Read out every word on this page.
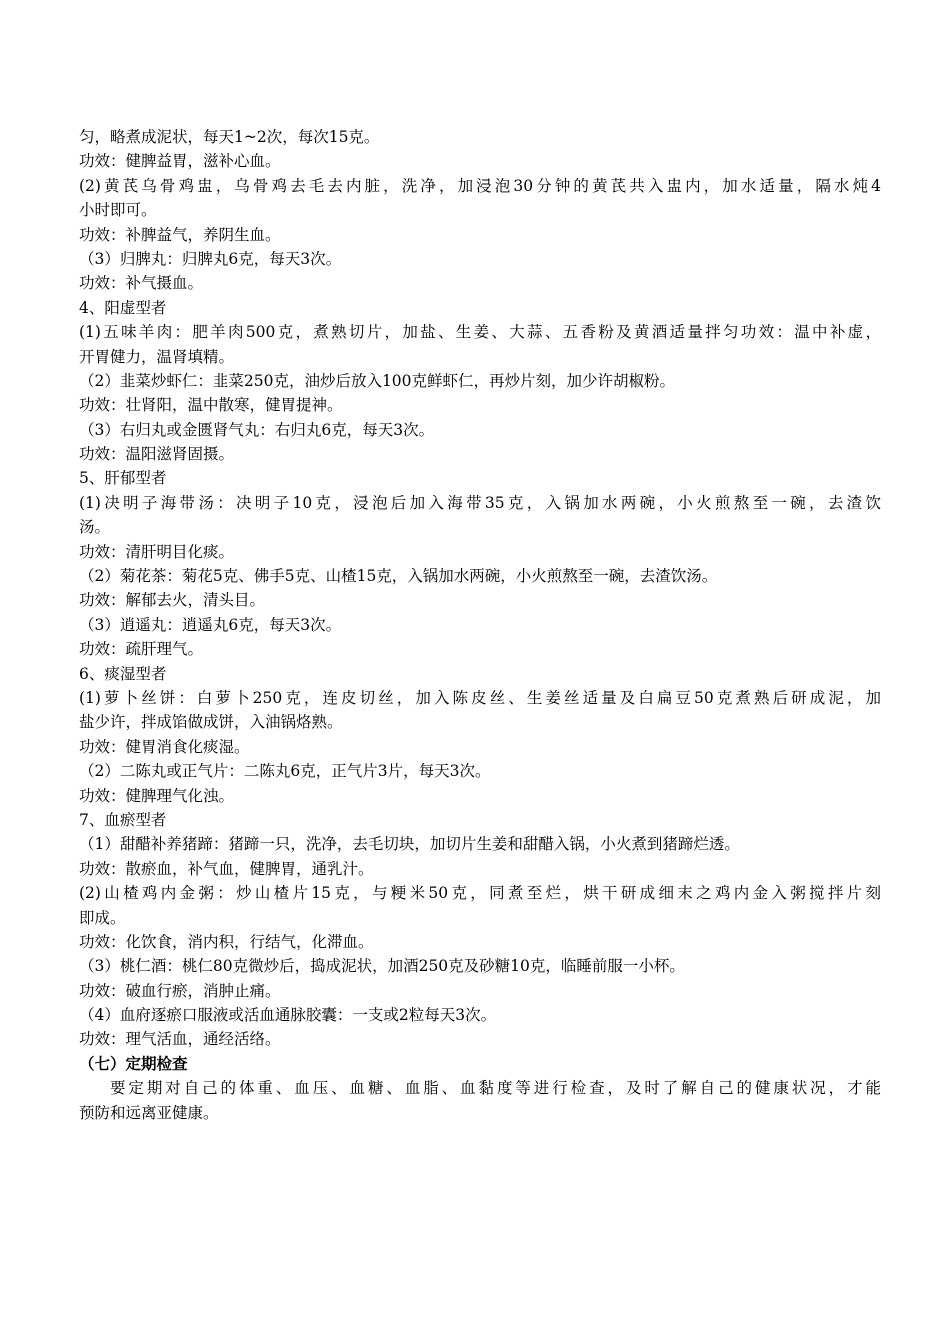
匀，略煮成泥状，每天1~2次，每次15克。
功效：健脾益胃，滋补心血。
(2)黄芪乌骨鸡盅，乌骨鸡去毛去内脏，洗净，加浸泡30分钟的黄芪共入盅内，加水适量，隔水炖4
小时即可。
功效：补脾益气，养阴生血。
（3）归脾丸：归脾丸6克，每天3次。
功效：补气摄血。
4、阳虚型者
(1)五味羊肉：肥羊肉500克，煮熟切片，加盐、生姜、大蒜、五香粉及黄酒适量拌匀功效：温中补虚，
开胃健力，温肾填精。
（2）韭菜炒虾仁：韭菜250克，油炒后放入100克鲜虾仁，再炒片刻，加少许胡椒粉。
功效：壮肾阳，温中散寒，健胃提神。
（3）右归丸或金匮肾气丸：右归丸6克，每天3次。
功效：温阳滋肾固摄。
5、肝郁型者
(1)决明子海带汤：决明子10克，浸泡后加入海带35克，入锅加水两碗，小火煎熬至一碗，去渣饮
汤。
功效：清肝明目化痰。
（2）菊花茶：菊花5克、佛手5克、山楂15克，入锅加水两碗，小火煎熬至一碗，去渣饮汤。
功效：解郁去火，清头目。
（3）逍遥丸：逍遥丸6克，每天3次。
功效：疏肝理气。
6、痰湿型者
(1)萝卜丝饼：白萝卜250克，连皮切丝，加入陈皮丝、生姜丝适量及白扁豆50克煮熟后研成泥，加
盐少许，拌成馅做成饼，入油锅烙熟。
功效：健胃消食化痰湿。
（2）二陈丸或正气片：二陈丸6克，正气片3片，每天3次。
功效：健脾理气化浊。
7、血瘀型者
（1）甜醋补养猪蹄：猪蹄一只，洗净，去毛切块，加切片生姜和甜醋入锅，小火煮到猪蹄烂透。
功效：散瘀血，补气血，健脾胃，通乳汁。
(2)山楂鸡内金粥：炒山楂片15克，与粳米50克，同煮至烂，烘干研成细末之鸡内金入粥搅拌片刻
即成。
功效：化饮食，消内积，行结气，化滞血。
（3）桃仁酒：桃仁80克微炒后，捣成泥状，加酒250克及砂糖10克，临睡前服一小杯。
功效：破血行瘀，消肿止痛。
（4）血府逐瘀口服液或活血通脉胶囊：一支或2粒每天3次。
功效：理气活血，通经活络。
（七）定期检查
要定期对自己的体重、血压、血糖、血脂、血黏度等进行检查，及时了解自己的健康状况，才能
预防和远离亚健康。
